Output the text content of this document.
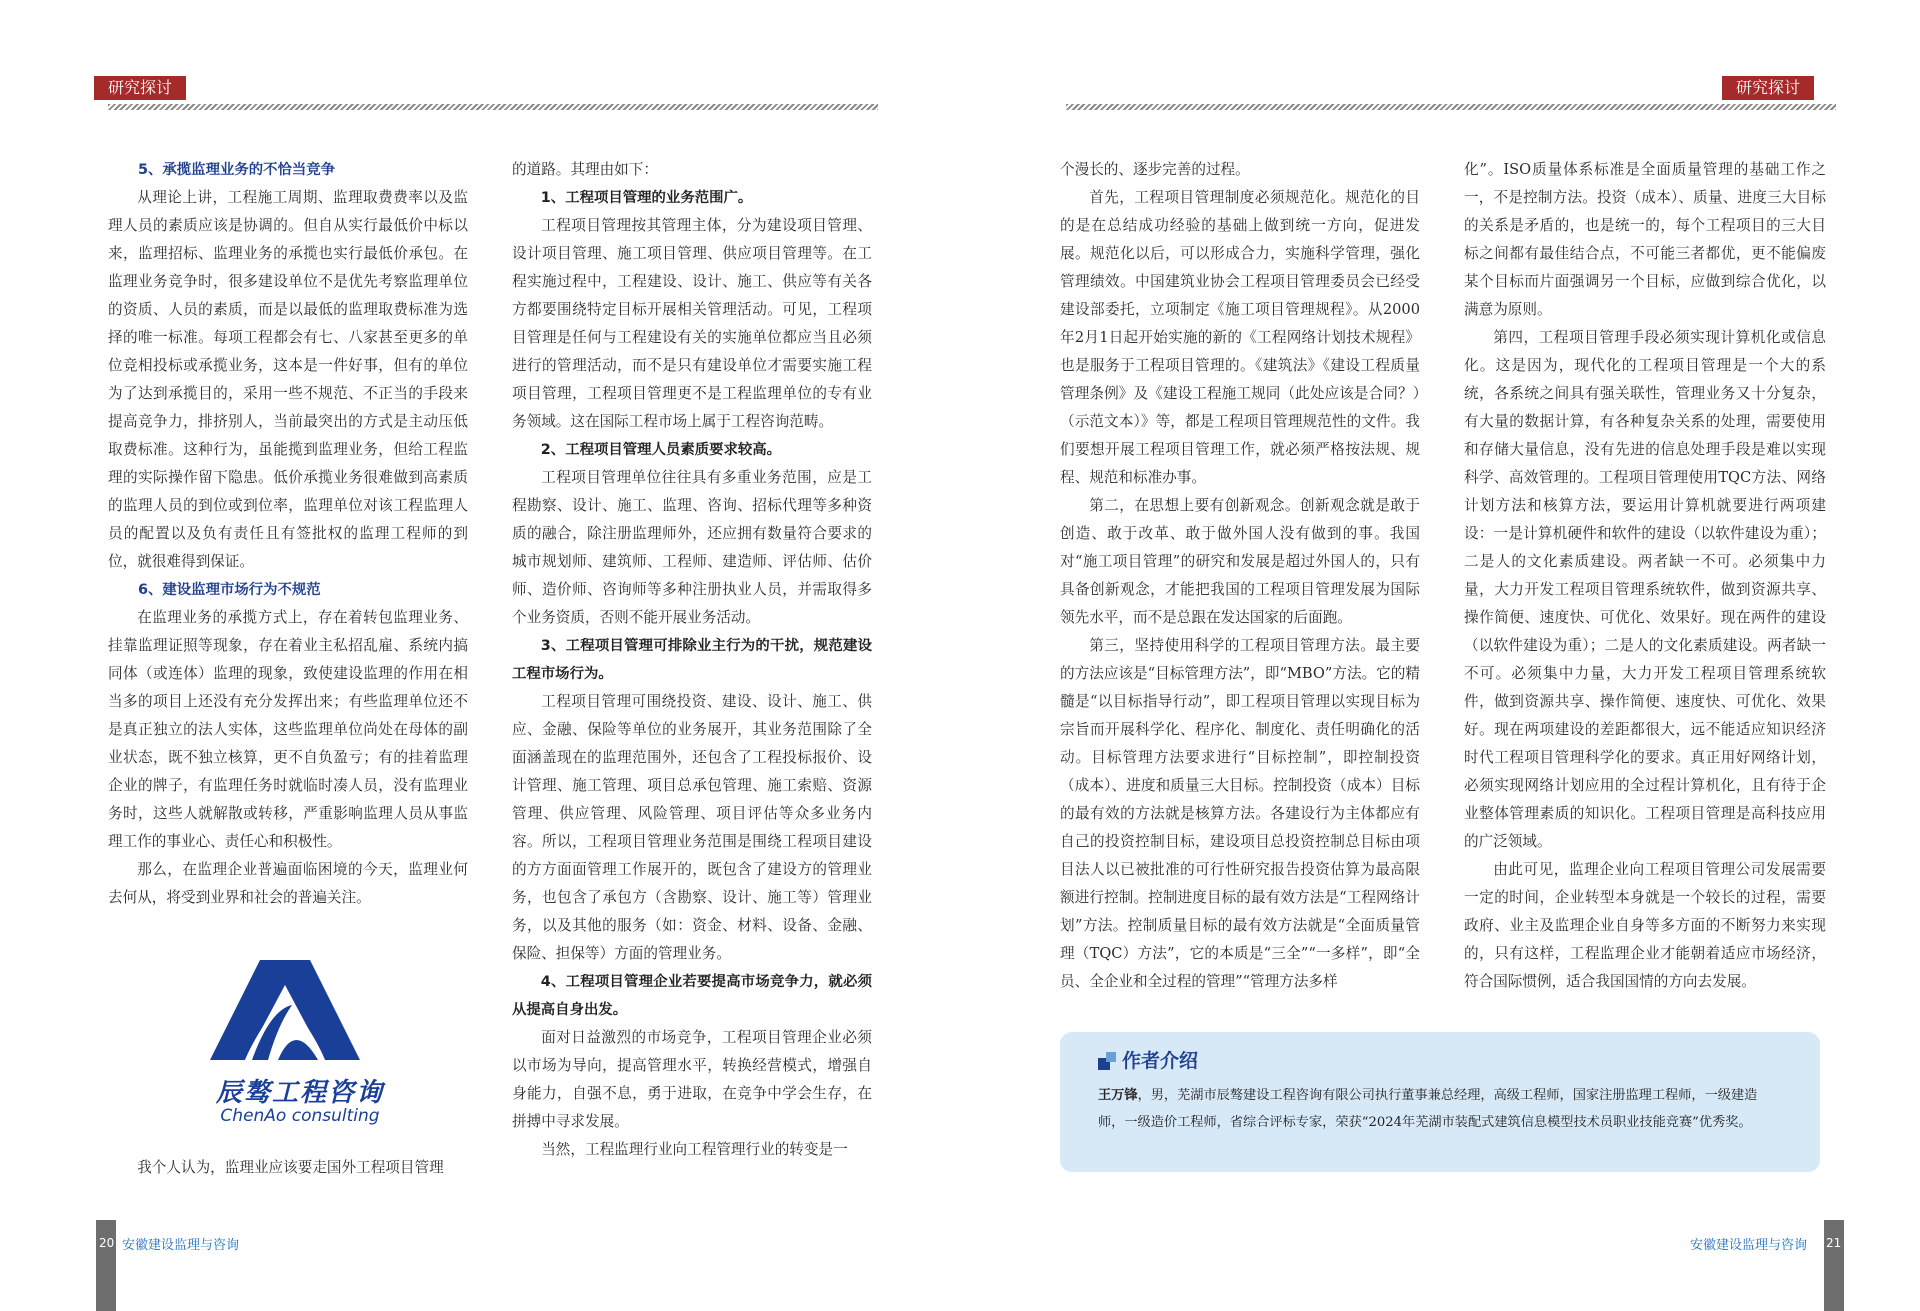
研究探讨	研究探讨

5、承揽监理业务的不恰当竞争

从理论上讲，工程施工周期、监理取费费率以及监理人员的素质应该是协调的。但自从实行最低价中标以来，监理招标、监理业务的承揽也实行最低价承包。在监理业务竞争时，很多建设单位不是优先考察监理单位的资质、人员的素质，而是以最低的监理取费标准为选择的唯一标准。每项工程都会有七、八家甚至更多的单位竞相投标或承揽业务，这本是一件好事，但有的单位为了达到承揽目的，采用一些不规范、不正当的手段来提高竞争力，排挤别人，当前最突出的方式是主动压低取费标准。这种行为，虽能揽到监理业务，但给工程监理的实际操作留下隐患。低价承揽业务很难做到高素质的监理人员的到位或到位率，监理单位对该工程监理人员的配置以及负有责任且有签批权的监理工程师的到位，就很难得到保证。

6、建设监理市场行为不规范

在监理业务的承揽方式上，存在着转包监理业务、挂靠监理证照等现象，存在着业主私招乱雇、系统内搞同体（或连体）监理的现象，致使建设监理的作用在相当多的项目上还没有充分发挥出来；有些监理单位还不是真正独立的法人实体，这些监理单位尚处在母体的副业状态，既不独立核算，更不自负盈亏；有的挂着监理企业的牌子，有监理任务时就临时凑人员，没有监理业务时，这些人就解散或转移，严重影响监理人员从事监理工作的事业心、责任心和积极性。

那么，在监理企业普遍面临困境的今天，监理业何去何从，将受到业界和社会的普遍关注。

辰骜工程咨询
ChenAo consulting

我个人认为，监理业应该要走国外工程项目管理

的道路。其理由如下：

1、工程项目管理的业务范围广。

工程项目管理按其管理主体，分为建设项目管理、设计项目管理、施工项目管理、供应项目管理等。在工程实施过程中，工程建设、设计、施工、供应等有关各方都要围绕特定目标开展相关管理活动。可见，工程项目管理是任何与工程建设有关的实施单位都应当且必须进行的管理活动，而不是只有建设单位才需要实施工程项目管理，工程项目管理更不是工程监理单位的专有业务领域。这在国际工程市场上属于工程咨询范畴。

2、工程项目管理人员素质要求较高。

工程项目管理单位往往具有多重业务范围，应是工程勘察、设计、施工、监理、咨询、招标代理等多种资质的融合，除注册监理师外，还应拥有数量符合要求的城市规划师、建筑师、工程师、建造师、评估师、估价师、造价师、咨询师等多种注册执业人员，并需取得多个业务资质，否则不能开展业务活动。

3、工程项目管理可排除业主行为的干扰，规范建设工程市场行为。

工程项目管理可围绕投资、建设、设计、施工、供应、金融、保险等单位的业务展开，其业务范围除了全面涵盖现在的监理范围外，还包含了工程投标报价、设计管理、施工管理、项目总承包管理、施工索赔、资源管理、供应管理、风险管理、项目评估等众多业务内容。所以，工程项目管理业务范围是围绕工程项目建设的方方面面管理工作展开的，既包含了建设方的管理业务，也包含了承包方（含勘察、设计、施工等）管理业务，以及其他的服务（如：资金、材料、设备、金融、保险、担保等）方面的管理业务。

4、工程项目管理企业若要提高市场竞争力，就必须从提高自身出发。

面对日益激烈的市场竞争，工程项目管理企业必须以市场为导向，提高管理水平，转换经营模式，增强自身能力，自强不息，勇于进取，在竞争中学会生存，在拼搏中寻求发展。

当然，工程监理行业向工程管理行业的转变是一

个漫长的、逐步完善的过程。

首先，工程项目管理制度必须规范化。规范化的目的是在总结成功经验的基础上做到统一方向，促进发展。规范化以后，可以形成合力，实施科学管理，强化管理绩效。中国建筑业协会工程项目管理委员会已经受建设部委托，立项制定《施工项目管理规程》。从2000年2月1日起开始实施的新的《工程网络计划技术规程》也是服务于工程项目管理的。《建筑法》《建设工程质量管理条例》及《建设工程施工规同（此处应该是合同？）（示范文本）》等，都是工程项目管理规范性的文件。我们要想开展工程项目管理工作，就必须严格按法规、规程、规范和标准办事。

第二，在思想上要有创新观念。创新观念就是敢于创造、敢于改革、敢于做外国人没有做到的事。我国对“施工项目管理”的研究和发展是超过外国人的，只有具备创新观念，才能把我国的工程项目管理发展为国际领先水平，而不是总跟在发达国家的后面跑。

第三，坚持使用科学的工程项目管理方法。最主要的方法应该是“目标管理方法”，即“MBO”方法。它的精髓是“以目标指导行动”，即工程项目管理以实现目标为宗旨而开展科学化、程序化、制度化、责任明确化的活动。目标管理方法要求进行“目标控制”，即控制投资（成本）、进度和质量三大目标。控制投资（成本）目标的最有效的方法就是核算方法。各建设行为主体都应有自己的投资控制目标，建设项目总投资控制总目标由项目法人以已被批准的可行性研究报告投资估算为最高限额进行控制。控制进度目标的最有效方法是“工程网络计划”方法。控制质量目标的最有效方法就是“全面质量管理（TQC）方法”，它的本质是“三全”“一多样”，即“全员、全企业和全过程的管理”“管理方法多样

化”。ISO质量体系标准是全面质量管理的基础工作之一，不是控制方法。投资（成本）、质量、进度三大目标的关系是矛盾的，也是统一的，每个工程项目的三大目标之间都有最佳结合点，不可能三者都优，更不能偏废某个目标而片面强调另一个目标，应做到综合优化，以满意为原则。

第四，工程项目管理手段必须实现计算机化或信息化。这是因为，现代化的工程项目管理是一个大的系统，各系统之间具有强关联性，管理业务又十分复杂，有大量的数据计算，有各种复杂关系的处理，需要使用和存储大量信息，没有先进的信息处理手段是难以实现科学、高效管理的。工程项目管理使用TQC方法、网络计划方法和核算方法，要运用计算机就要进行两项建设：一是计算机硬件和软件的建设（以软件建设为重）；二是人的文化素质建设。两者缺一不可。必须集中力量，大力开发工程项目管理系统软件，做到资源共享、操作简便、速度快、可优化、效果好。现在两件的建设（以软件建设为重）；二是人的文化素质建设。两者缺一不可。必须集中力量，大力开发工程项目管理系统软件，做到资源共享、操作简便、速度快、可优化、效果好。现在两项建设的差距都很大，远不能适应知识经济时代工程项目管理科学化的要求。真正用好网络计划，必须实现网络计划应用的全过程计算机化，且有待于企业整体管理素质的知识化。工程项目管理是高科技应用的广泛领域。

由此可见，监理企业向工程项目管理公司发展需要一定的时间，企业转型本身就是一个较长的过程，需要政府、业主及监理企业自身等多方面的不断努力来实现的，只有这样，工程监理企业才能朝着适应市场经济，符合国际惯例，适合我国国情的方向去发展。

作者介绍
王万锋，男，芜湖市辰骜建设工程咨询有限公司执行董事兼总经理，高级工程师，国家注册监理工程师，一级建造师，一级造价工程师，省综合评标专家，荣获“2024年芜湖市装配式建筑信息模型技术员职业技能竞赛”优秀奖。
20 安徽建设监理与咨询	安徽建设监理与咨询 21
